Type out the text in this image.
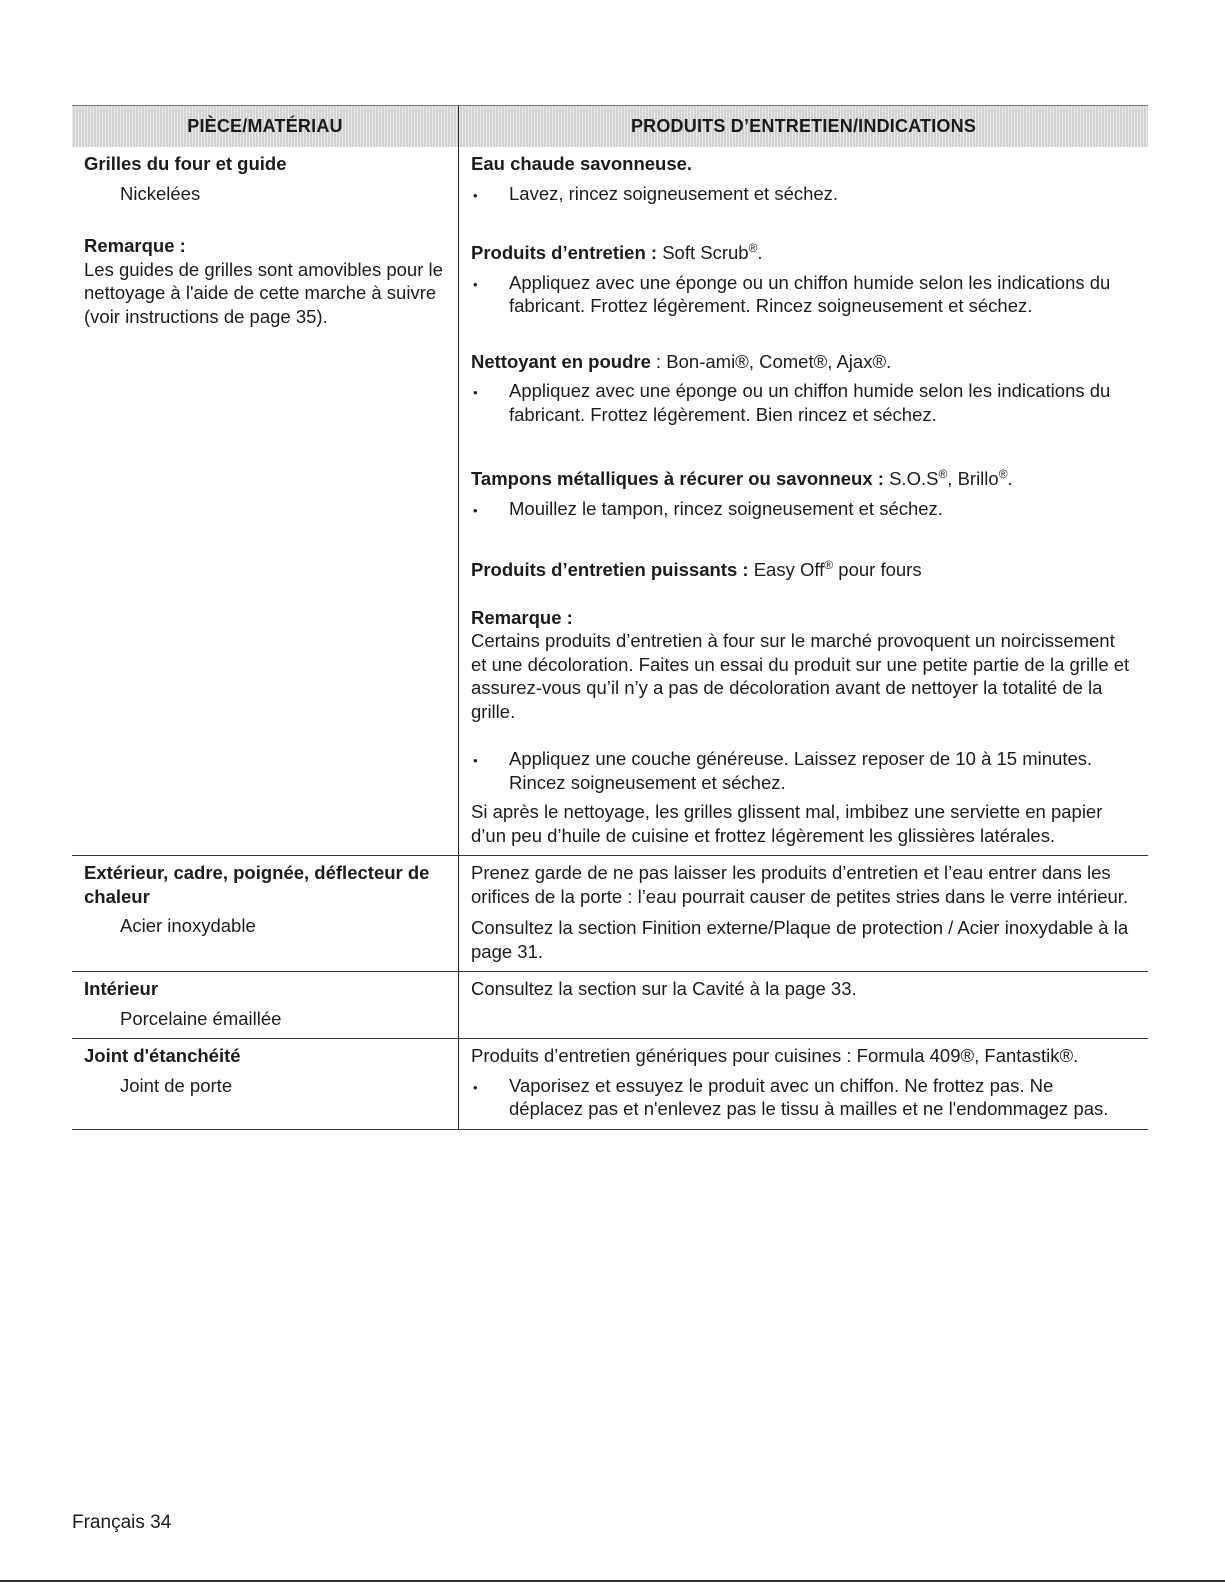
PIÈCE/MATÉRIAU	PRODUITS D’ENTRETIEN/INDICATIONS
Grilles du four et guide
Nickelées
Remarque :
Les guides de grilles sont amovibles pour le nettoyage à l'aide de cette marche à suivre (voir instructions de page 35).
Eau chaude savonneuse.
•
Lavez, rincez soigneusement et séchez.
Produits d’entretien : Soft Scrub®.
•
Appliquez avec une éponge ou un chiffon humide selon les indications du fabricant. Frottez légèrement. Rincez soigneusement et séchez.
Nettoyant en poudre : Bon-ami®, Comet®, Ajax®.
•
Appliquez avec une éponge ou un chiffon humide selon les indications du fabricant. Frottez légèrement. Bien rincez et séchez.
Tampons métalliques à récurer ou savonneux : S.O.S®, Brillo®.
•
Mouillez le tampon, rincez soigneusement et séchez.
Produits d’entretien puissants : Easy Off® pour fours
Remarque :
Certains produits d’entretien à four sur le marché provoquent un noircissement et une décoloration. Faites un essai du produit sur une petite partie de la grille et assurez-vous qu’il n’y a pas de décoloration avant de nettoyer la totalité de la grille.
•
Appliquez une couche généreuse. Laissez reposer de 10 à 15 minutes. Rincez soigneusement et séchez.
Si après le nettoyage, les grilles glissent mal, imbibez une serviette en papier d’un peu d’huile de cuisine et frottez légèrement les glissières latérales.
Extérieur, cadre, poignée, déflecteur de chaleur
Acier inoxydable
Prenez garde de ne pas laisser les produits d’entretien et l’eau entrer dans les orifices de la porte : l’eau pourrait causer de petites stries dans le verre intérieur.
Consultez la section Finition externe/Plaque de protection / Acier inoxydable à la page 31.
Intérieur
Porcelaine émaillée
Consultez la section sur la Cavité à la page 33.
Joint d'étanchéité
Joint de porte
Produits d’entretien génériques pour cuisines : Formula 409®, Fantastik®.
•
Vaporisez et essuyez le produit avec un chiffon. Ne frottez pas. Ne déplacez pas et n'enlevez pas le tissu à mailles et ne l'endommagez pas.
Français 34
